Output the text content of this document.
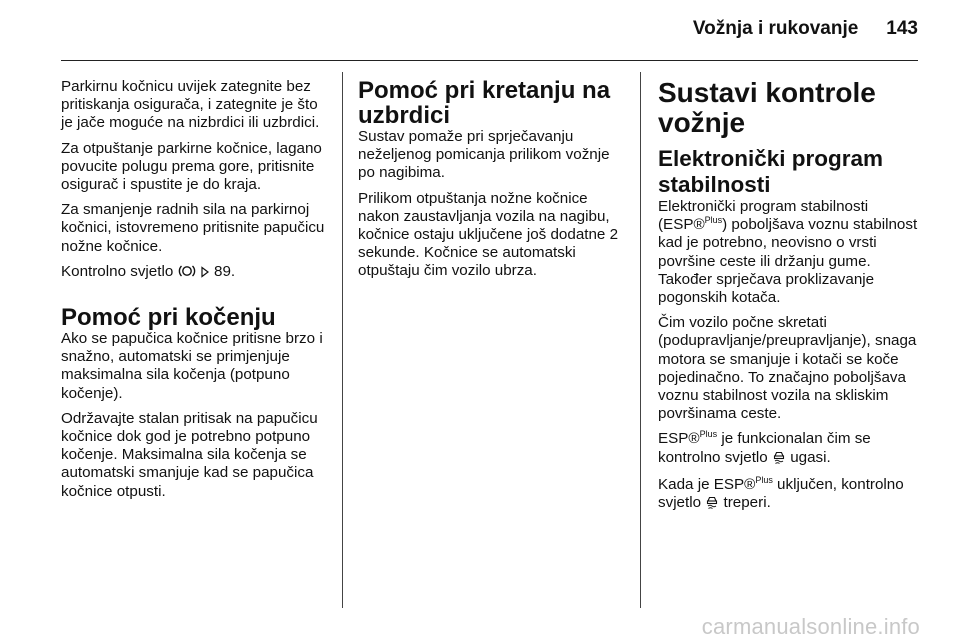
Vožnja i rukovanje 143

Parkirnu kočnicu uvijek zategnite bez pritiskanja osigurača, i zategnite je što je jače moguće na nizbrdici ili uzbrdici.

Za otpuštanje parkirne kočnice, lagano povucite polugu prema gore, pritisnite osigurač i spustite je do kraja.

Za smanjenje radnih sila na parkirnoj kočnici, istovremeno pritisnite papučicu nožne kočnice.

Kontrolno svjetlo	89.

Pomoć pri kočenju

Ako se papučica kočnice pritisne brzo i snažno, automatski se primjenjuje maksimalna sila kočenja (potpuno kočenje).

Održavajte stalan pritisak na papučicu kočnice dok god je potrebno potpuno kočenje. Maksimalna sila kočenja se automatski smanjuje kad se papučica kočnice otpusti.

Pomoć pri kretanju na uzbrdici

Sustav pomaže pri sprječavanju neželjenog pomicanja prilikom vožnje po nagibima.

Prilikom otpuštanja nožne kočnice nakon zaustavljanja vozila na nagibu, kočnice ostaju uključene još dodatne 2 sekunde. Kočnice se automatski otpuštaju čim vozilo ubrza.

Sustavi kontrole vožnje
Elektronički program stabilnosti

Elektronički program stabilnosti (ESP®$^{Plus}$) poboljšava voznu stabilnost kad je potrebno, neovisno o vrsti površine ceste ili držanju gume. Također sprječava proklizavanje pogonskih kotača.

Čim vozilo počne skretati (podupravljanje/preupravljanje), snaga motora se smanjuje i kotači se koče pojedinačno. To značajno poboljšava voznu stabilnost vozila na skliskim površinama ceste.

ESP®$^{Plus}$ je funkcionalan čim se kontrolno svjetlo  ugasi.

Kada je ESP®$^{Plus}$ uključen, kontrolno svjetlo  treperi.

carmanualsonline.info
